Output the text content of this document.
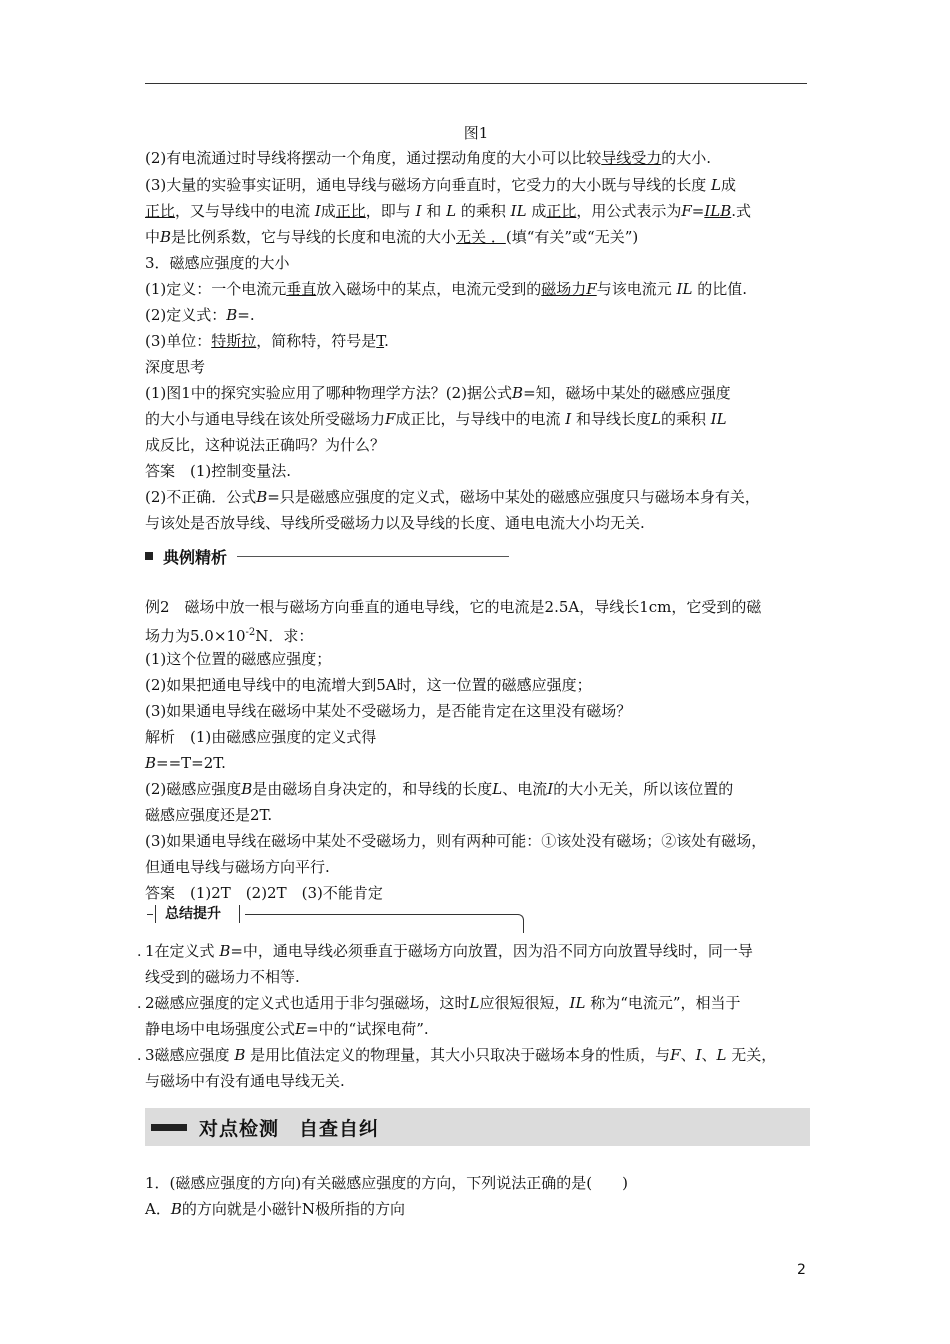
图1
(2)有电流通过时导线将摆动一个角度，通过摆动角度的大小可以比较导线受力的大小.
(3)大量的实验事实证明，通电导线与磁场方向垂直时，它受力的大小既与导线的长度 L成
正比，又与导线中的电流 I成正比，即与 I 和 L 的乘积 IL 成正比，用公式表示为F=ILB.式
中B是比例系数，它与导线的长度和电流的大小无关 ．(填“有关”或“无关”)
3．磁感应强度的大小
(1)定义：一个电流元垂直放入磁场中的某点，电流元受到的磁场力F与该电流元 IL 的比值.
(2)定义式：B=.
(3)单位：特斯拉，简称特，符号是T.
深度思考
(1)图1中的探究实验应用了哪种物理学方法？(2)据公式B=知，磁场中某处的磁感应强度
的大小与通电导线在该处所受磁场力F成正比，与导线中的电流 I 和导线长度L的乘积 IL
成反比，这种说法正确吗？为什么？
答案　(1)控制变量法.
(2)不正确．公式B=只是磁感应强度的定义式，磁场中某处的磁感应强度只与磁场本身有关，
与该处是否放导线、导线所受磁场力以及导线的长度、通电电流大小均无关.
典例精析
例2　磁场中放一根与磁场方向垂直的通电导线，它的电流是2.5A，导线长1cm，它受到的磁
场力为$5.0\times 10^{-2}N$．求：
(1)这个位置的磁感应强度；
(2)如果把通电导线中的电流增大到5A时，这一位置的磁感应强度；
(3)如果通电导线在磁场中某处不受磁场力，是否能肯定在这里没有磁场？
解析　(1)由磁感应强度的定义式得
B==T=2T.
(2)磁感应强度B是由磁场自身决定的，和导线的长度L、电流I的大小无关，所以该位置的
磁感应强度还是2T.
(3)如果通电导线在磁场中某处不受磁场力，则有两种可能：①该处没有磁场；②该处有磁场，
但通电导线与磁场方向平行.
答案　(1)2T　(2)2T　(3)不能肯定
总结提升
. 1在定义式 B=中，通电导线必须垂直于磁场方向放置，因为沿不同方向放置导线时，同一导
线受到的磁场力不相等.
. 2磁感应强度的定义式也适用于非匀强磁场，这时L应很短很短，IL 称为“电流元”，相当于
静电场中电场强度公式E=中的“试探电荷”.
. 3磁感应强度 B 是用比值法定义的物理量，其大小只取决于磁场本身的性质，与F、I、L 无关，
与磁场中有没有通电导线无关.
对点检测　自查自纠
1．(磁感应强度的方向)有关磁感应强度的方向，下列说法正确的是(　　)
A．B的方向就是小磁针N极所指的方向
2
